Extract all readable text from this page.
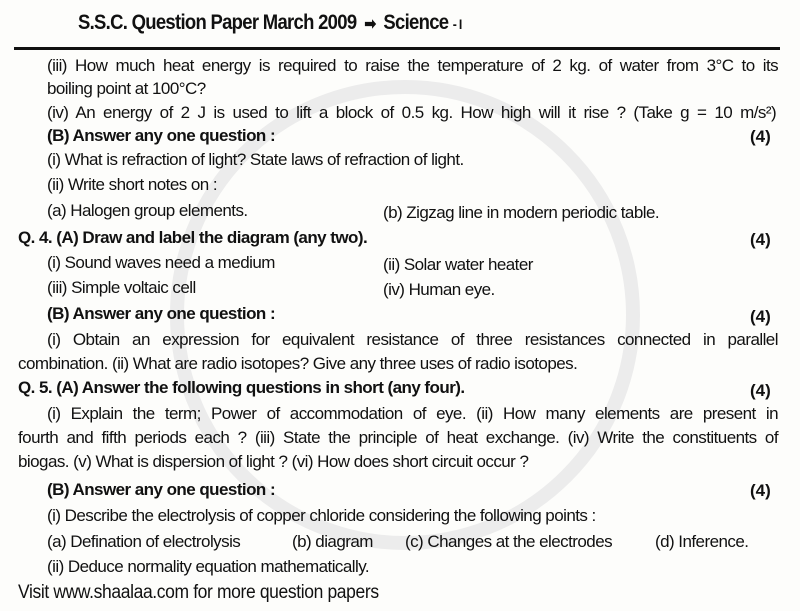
S.S.C. Question Paper March 2009 ➡ Science - I
(iii) How much heat energy is required to raise the temperature of 2 kg. of water from 3°C to its
boiling point at 100°C?
(iv) An energy of 2 J is used to lift a block of 0.5 kg. How high will it rise ? (Take g = 10 m/s²)
(B) Answer any one question :	(4)
(i) What is refraction of light? State laws of refraction of light.
(ii) Write short notes on :
(a) Halogen group elements.	(b) Zigzag line in modern periodic table.
Q. 4. (A) Draw and label the diagram (any two).	(4)
(i) Sound waves need a medium	(ii) Solar water heater
(iii) Simple voltaic cell	(iv) Human eye.
(B) Answer any one question :	(4)
(i) Obtain an expression for equivalent resistance of three resistances connected in parallel
combination. (ii) What are radio isotopes? Give any three uses of radio isotopes.
Q. 5. (A) Answer the following questions in short (any four).	(4)
(i) Explain the term; Power of accommodation of eye. (ii) How many elements are present in
fourth and fifth periods each ? (iii) State the principle of heat exchange. (iv) Write the constituents of
biogas. (v) What is dispersion of light ? (vi) How does short circuit occur ?
(B) Answer any one question :	(4)
(i) Describe the electrolysis of copper chloride considering the following points :
(a) Defination of electrolysis	(b) diagram (c) Changes at the electrodes	(d) Inference.
(ii) Deduce normality equation mathematically.
Visit www.shaalaa.com for more question papers
